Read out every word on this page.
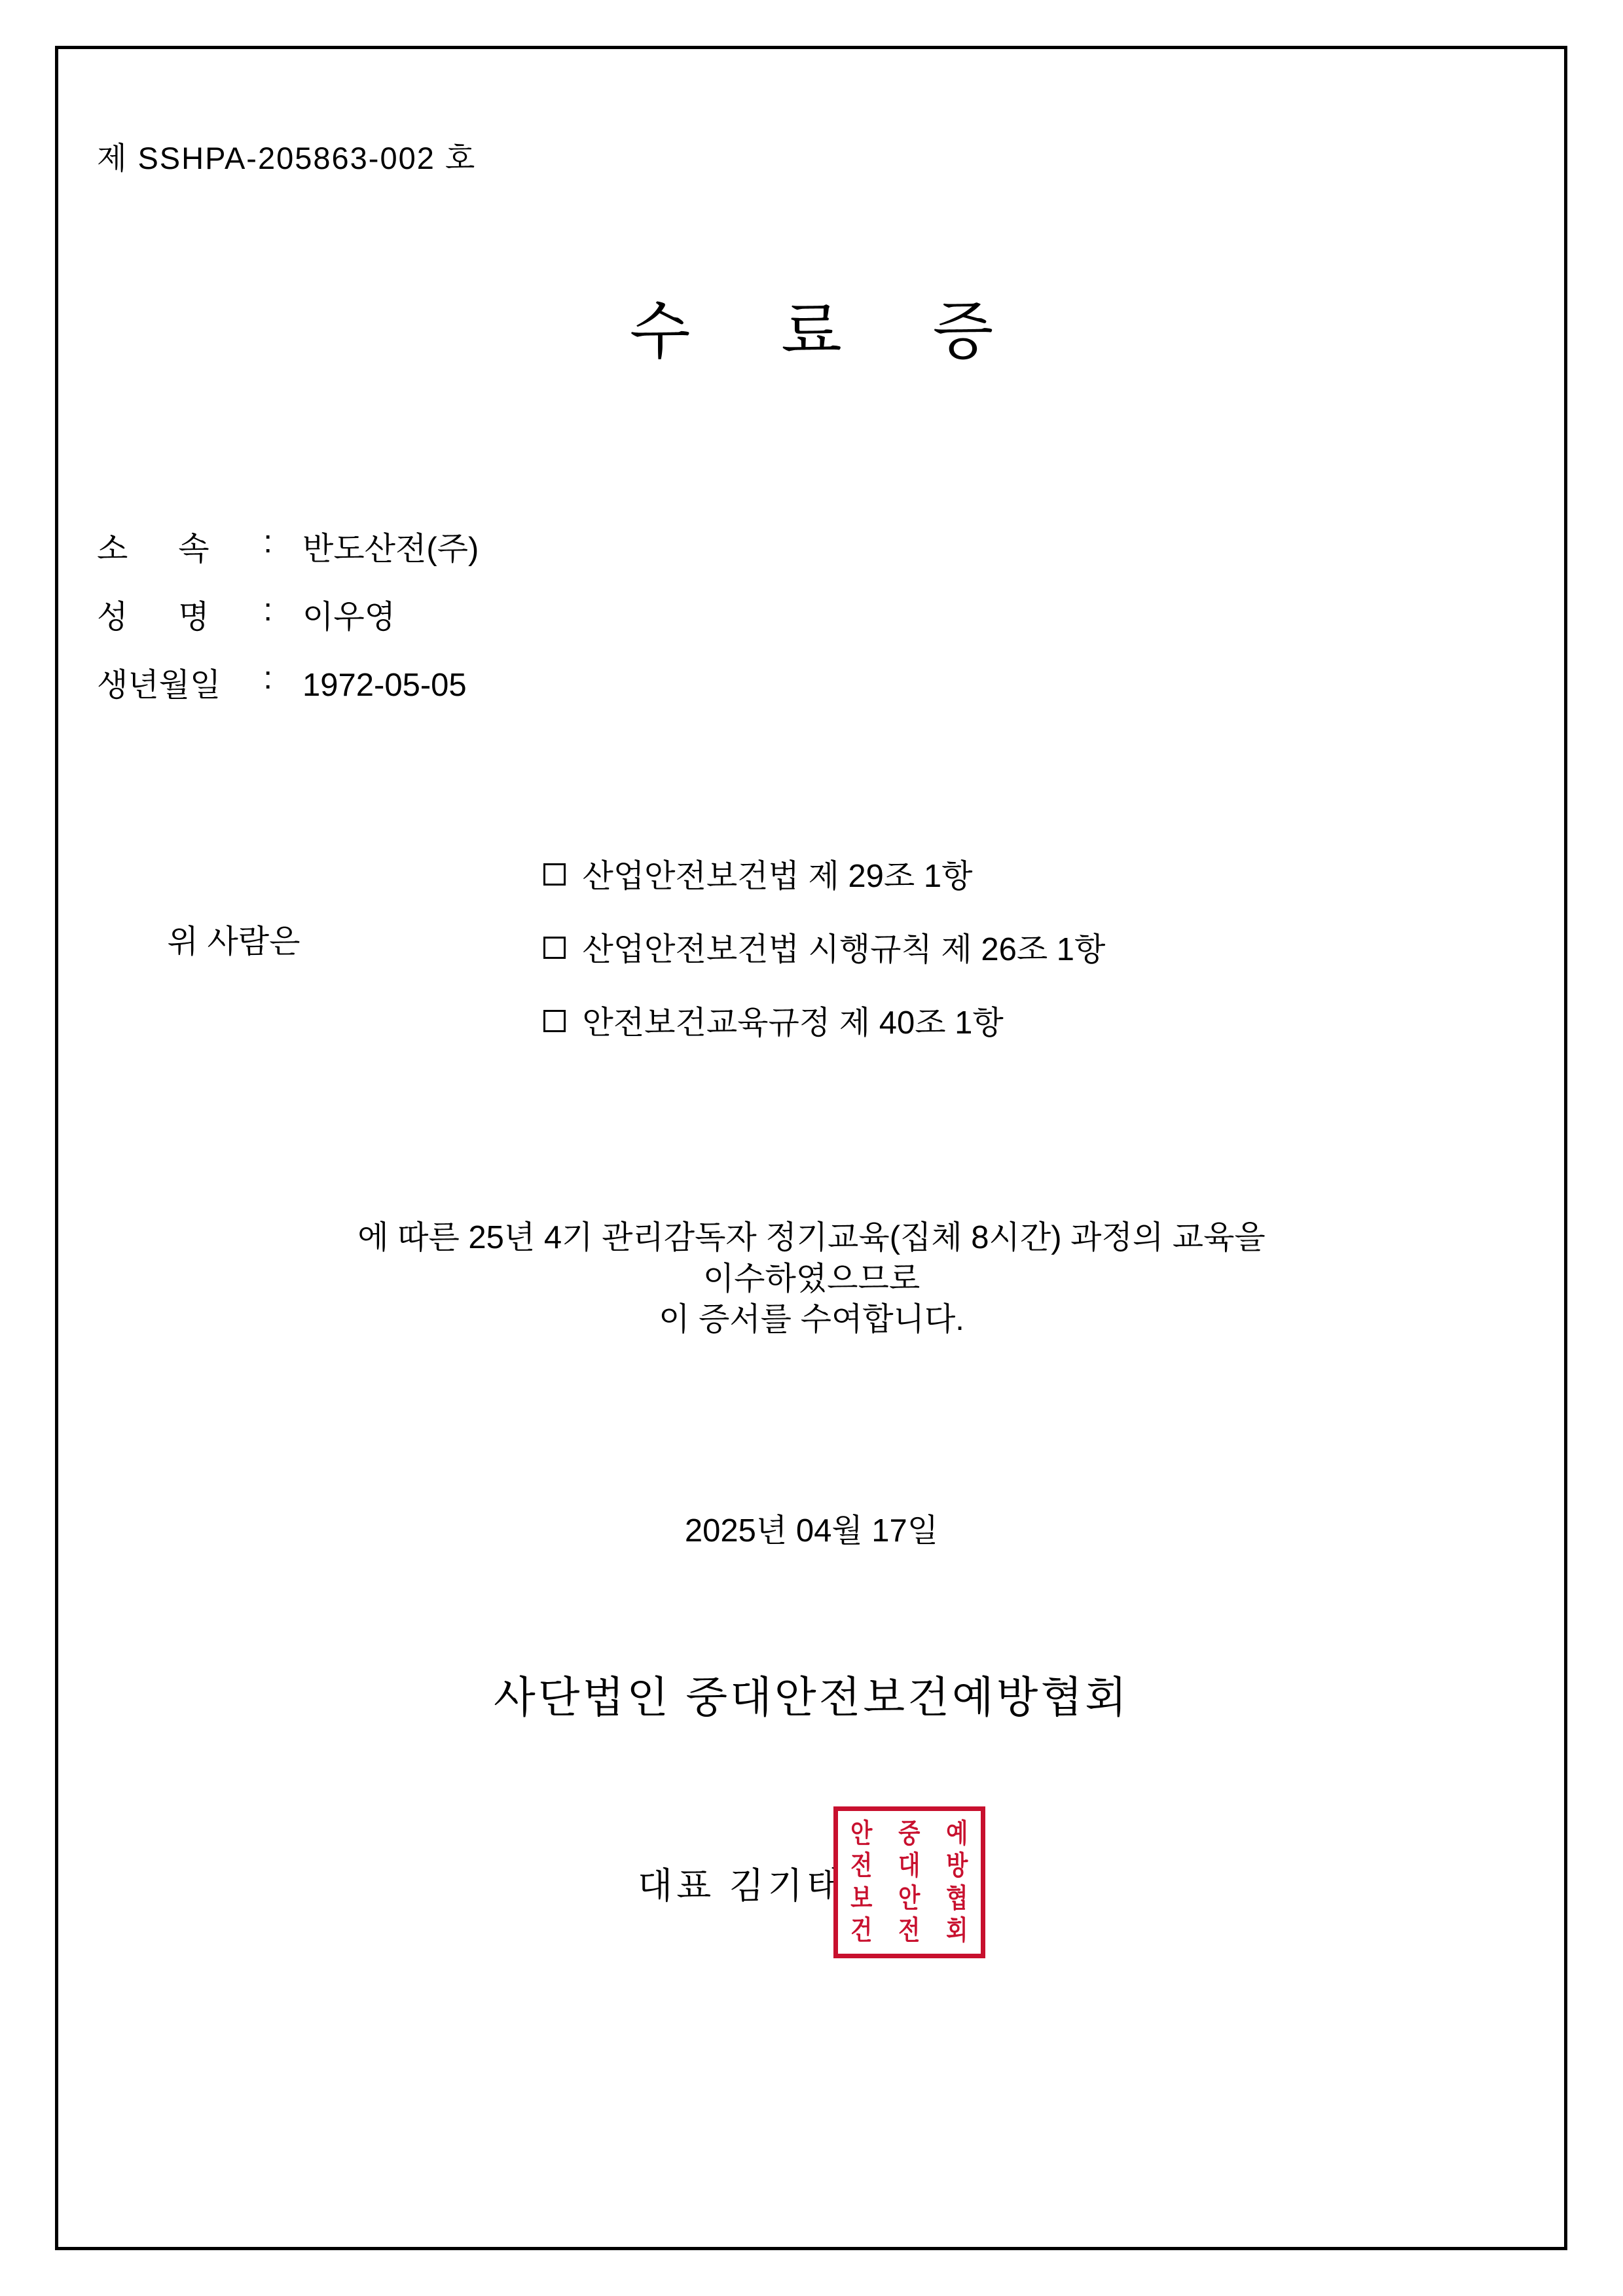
제 SSHPA-205863-002 호
수 료 증
소 속 : 반도산전(주)
성 명 : 이우영
생년월일 : 1972-05-05
위 사람은
산업안전보건법 제 29조 1항
산업안전보건법 시행규칙 제 26조 1항
안전보건교육규정 제 40조 1항
에 따른 25년 4기 관리감독자 정기교육(집체 8시간) 과정의 교육을
이수하였으므로
이 증서를 수여합니다.
2025년 04월 17일
사단법인 중대안전보건예방협회
대표 김기태
안
전
보
건
중
대
안
전
예
방
협
회
